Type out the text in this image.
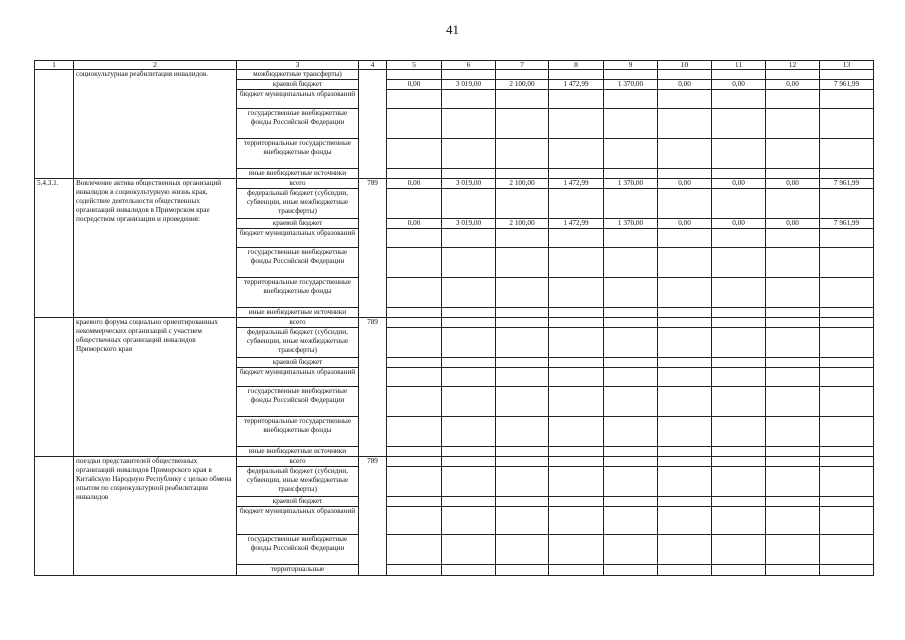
41
1	2	3	4	5	6	7	8	9	10	11	12	13
	социокультурная реабилитация инвалидов.	межбюджетные трансферты)										
		краевой бюджет		0,00	3 019,00	2 100,00	1 472,99	1 370,00	0,00	0,00	0,00	7 961,99
		бюджет муниципальных образований										
		государственные внебюджетные фонды Российской Федерации										
		территориальные государственные внебюджетные фонды										
		иные внебюджетные источники										
5.4.3.1.	Вовлечение актива общественных организаций инвалидов в социокультурную жизнь края, содействие деятельности общественных организаций инвалидов в Приморском крае посредством организации и проведения:	всего	789	0,00	3 019,00	2 100,00	1 472,99	1 370,00	0,00	0,00	0,00	7 961,99
		федеральный бюджет (субсидии, субвенции, иные межбюджетные трансферты)										
		краевой бюджет		0,00	3 019,00	2 100,00	1 472,99	1 370,00	0,00	0,00	0,00	7 961,99
		бюджет муниципальных образований										
		государственные внебюджетные фонды Российской Федерации										
		территориальные государственные внебюджетные фонды										
		иные внебюджетные источники										
	краевого форума социально ориентированных некоммерческих организаций с участием общественных организаций инвалидов Приморского края	всего	789									
		федеральный бюджет (субсидии, субвенции, иные межбюджетные трансферты)										
		краевой бюджет										
		бюджет муниципальных образований										
		государственные внебюджетные фонды Российской Федерации										
		территориальные государственные внебюджетные фонды										
		иные внебюджетные источники										
	поездки представителей общественных организаций инвалидов Приморского края в Китайскую Народную Республику с целью обмена опытом по социокультурной реабилитации инвалидов	всего	789									
		федеральный бюджет (субсидии, субвенции, иные межбюджетные трансферты)										
		краевой бюджет										
		бюджет муниципальных образований										
		государственные внебюджетные фонды Российской Федерации										
		территориальные										
